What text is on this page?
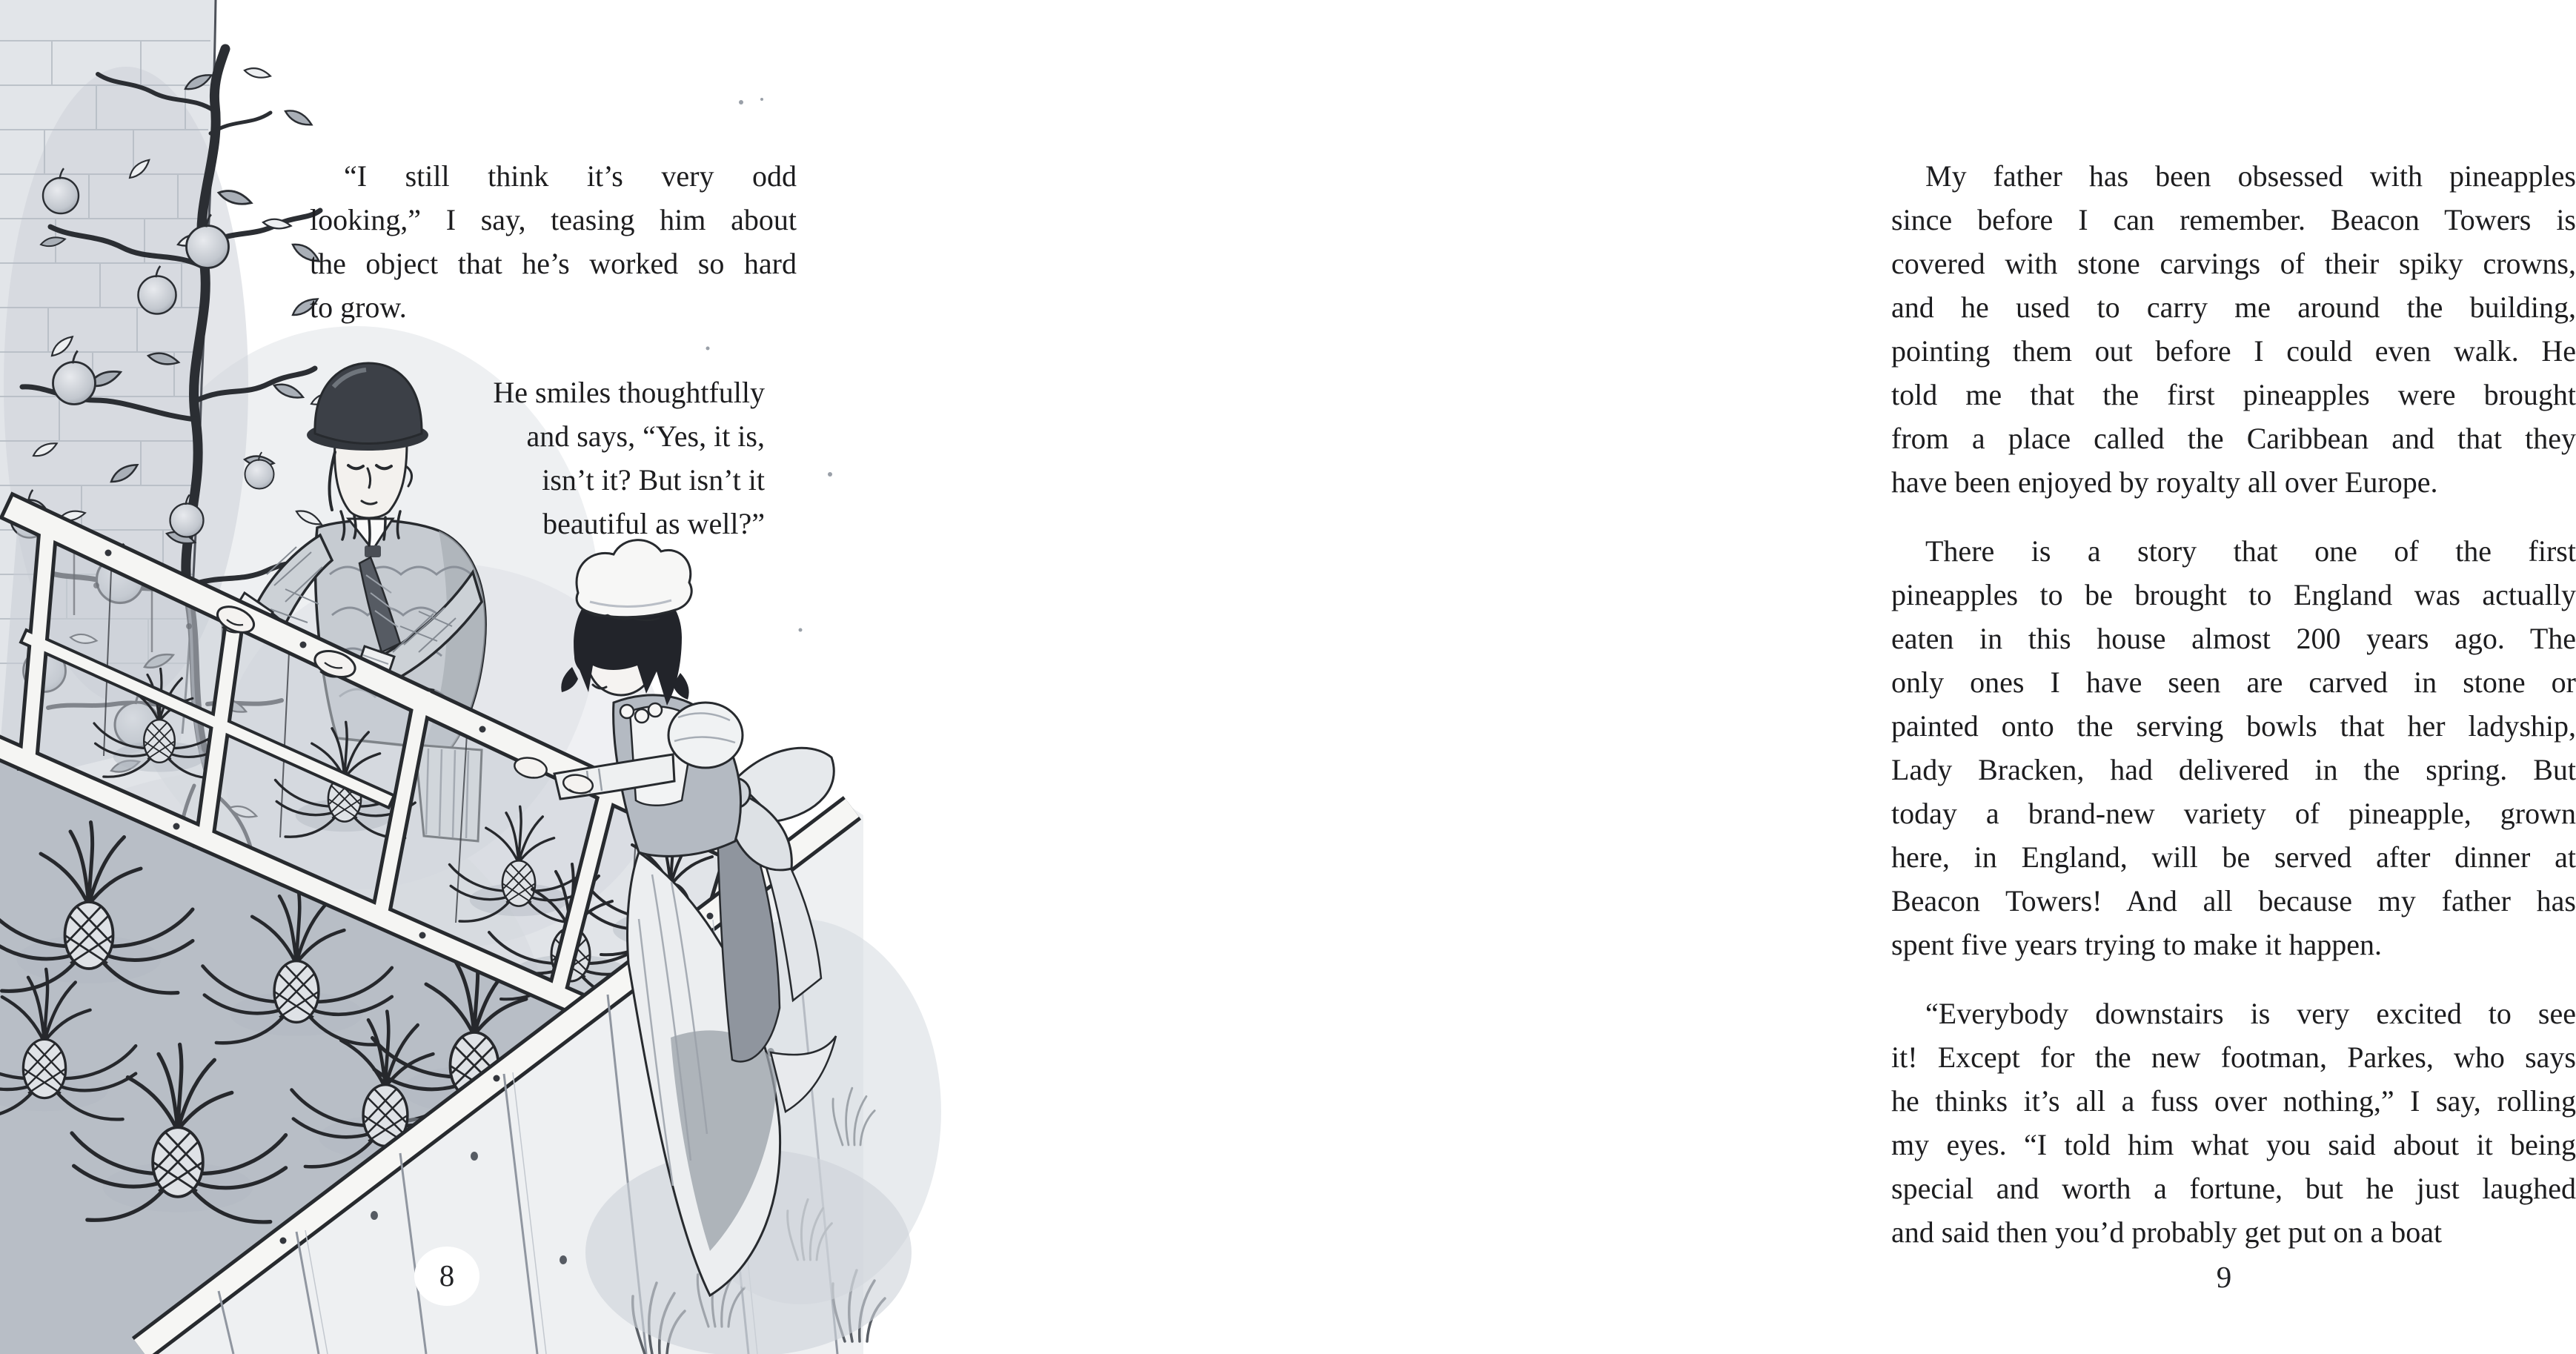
“I still think it’s very odd
looking,” I say, teasing him about
the object that he’s worked so hard
to grow.
He smiles thoughtfully
and says, “Yes, it is,
isn’t it? But isn’t it
beautiful as well?”
8
My father has been obsessed with pineapples
since before I can remember. Beacon Towers is
covered with stone carvings of their spiky crowns,
and he used to carry me around the building,
pointing them out before I could even walk. He
told me that the first pineapples were brought
from a place called the Caribbean and that they
have been enjoyed by royalty all over Europe.
There is a story that one of the first
pineapples to be brought to England was actually
eaten in this house almost 200 years ago. The
only ones I have seen are carved in stone or
painted onto the serving bowls that her ladyship,
Lady Bracken, had delivered in the spring. But
today a brand-new variety of pineapple, grown
here, in England, will be served after dinner at
Beacon Towers! And all because my father has
spent five years trying to make it happen.
“Everybody downstairs is very excited to see
it! Except for the new footman, Parkes, who says
he thinks it’s all a fuss over nothing,” I say, rolling
my eyes. “I told him what you said about it being
special and worth a fortune, but he just laughed
and said then you’d probably get put on a boat
9
